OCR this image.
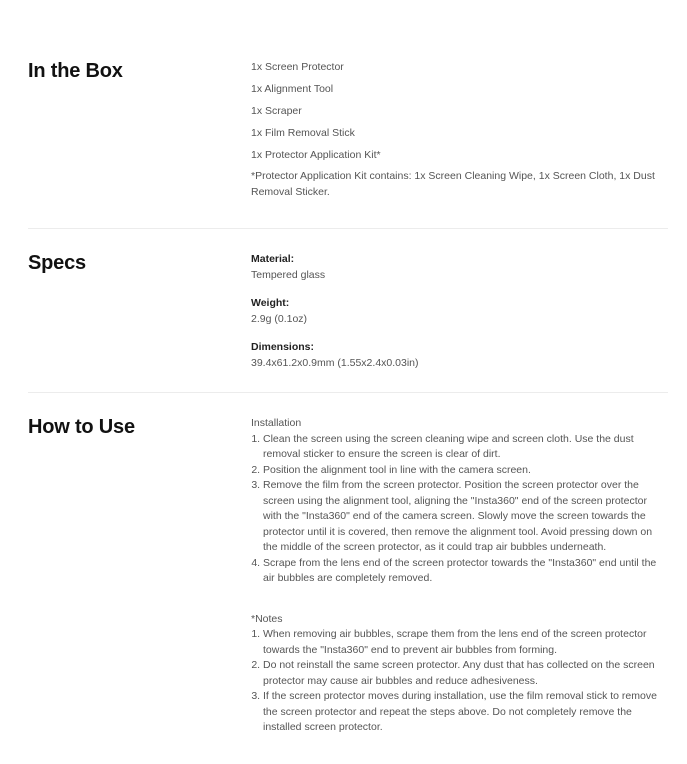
In the Box	1x Screen Protector
1x Alignment Tool
1x Scraper
1x Film Removal Stick
1x Protector Application Kit*
*Protector Application Kit contains: 1x Screen Cleaning Wipe, 1x Screen Cloth, 1x Dust Removal Sticker.
Specs	Material:
Tempered glass
Weight:
2.9g (0.1oz)
Dimensions:
39.4x61.2x0.9mm (1.55x2.4x0.03in)
How to Use	Installation
1. Clean the screen using the screen cleaning wipe and screen cloth. Use the dust removal sticker to ensure the screen is clear of dirt.
2. Position the alignment tool in line with the camera screen.
3. Remove the film from the screen protector. Position the screen protector over the screen using the alignment tool, aligning the "Insta360" end of the screen protector with the "Insta360" end of the camera screen. Slowly move the screen towards the protector until it is covered, then remove the alignment tool. Avoid pressing down on the middle of the screen protector, as it could trap air bubbles underneath.
4. Scrape from the lens end of the screen protector towards the "Insta360" end until the air bubbles are completely removed.
*Notes
1. When removing air bubbles, scrape them from the lens end of the screen protector towards the "Insta360" end to prevent air bubbles from forming.
2. Do not reinstall the same screen protector. Any dust that has collected on the screen protector may cause air bubbles and reduce adhesiveness.
3. If the screen protector moves during installation, use the film removal stick to remove the screen protector and repeat the steps above. Do not completely remove the installed screen protector.
